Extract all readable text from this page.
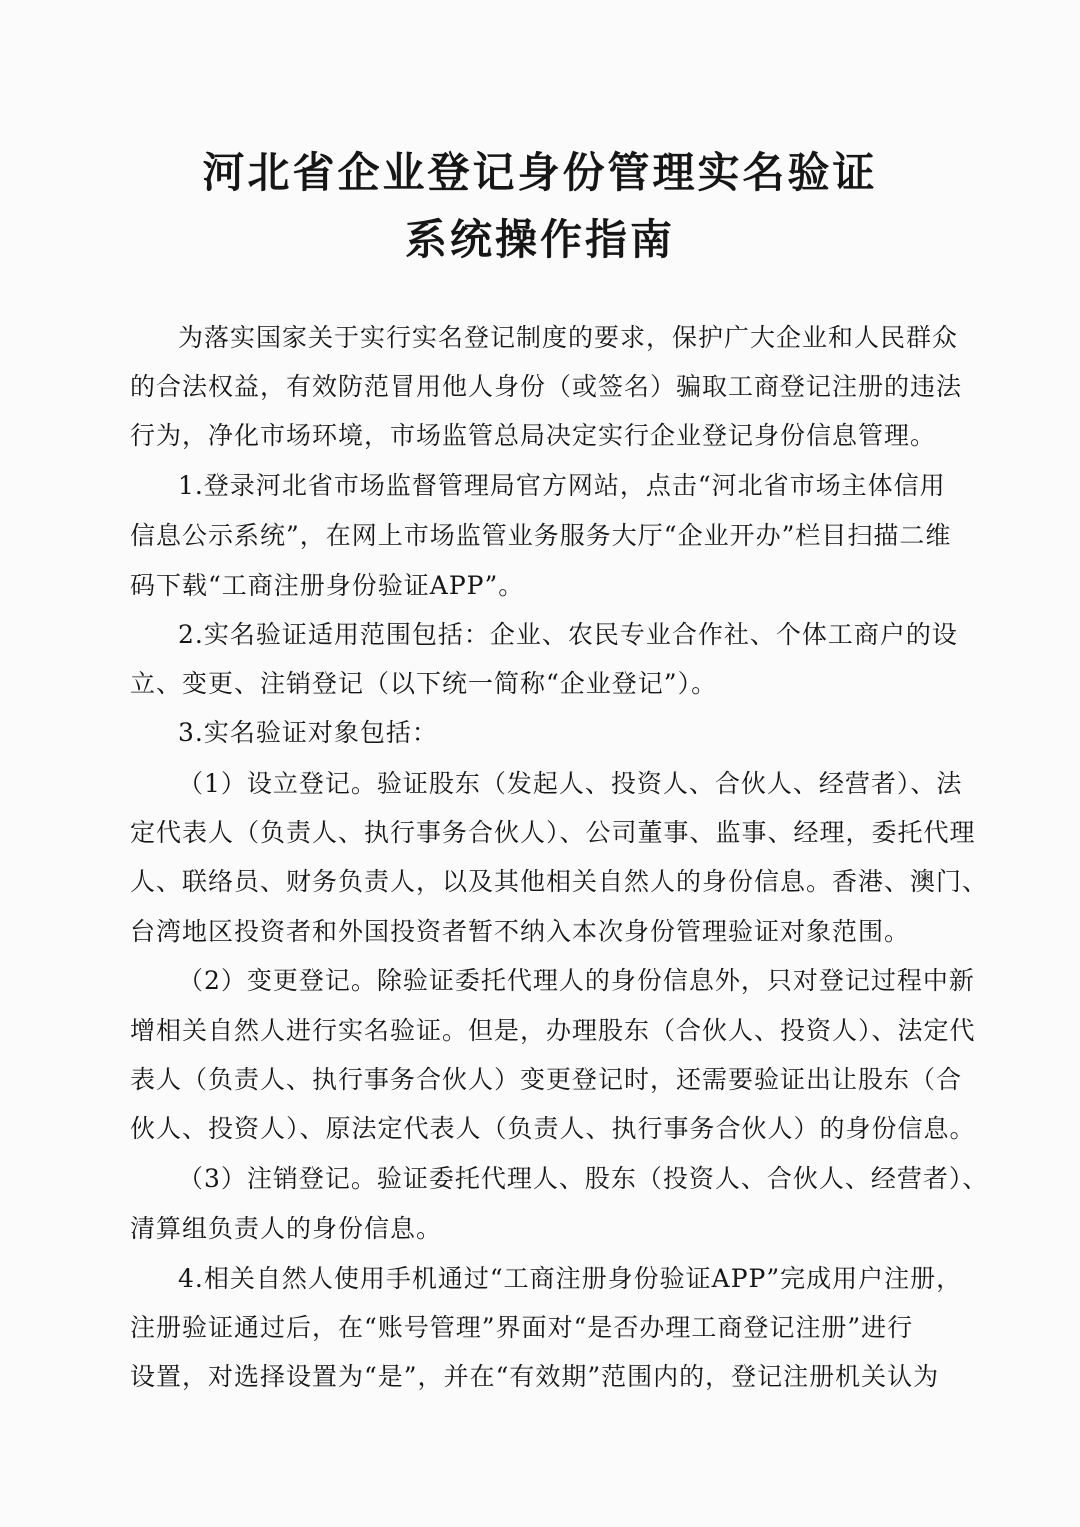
河北省企业登记身份管理实名验证
系统操作指南
为落实国家关于实行实名登记制度的要求，保护广大企业和人民群众
的合法权益，有效防范冒用他人身份（或签名）骗取工商登记注册的违法
行为，净化市场环境，市场监管总局决定实行企业登记身份信息管理。
1.登录河北省市场监督管理局官方网站，点击“河北省市场主体信用
信息公示系统”，在网上市场监管业务服务大厅“企业开办”栏目扫描二维
码下载“工商注册身份验证APP”。
2.实名验证适用范围包括：企业、农民专业合作社、个体工商户的设
立、变更、注销登记（以下统一简称“企业登记”）。
3.实名验证对象包括：
（1）设立登记。验证股东（发起人、投资人、合伙人、经营者）、法
定代表人（负责人、执行事务合伙人）、公司董事、监事、经理，委托代理
人、联络员、财务负责人，以及其他相关自然人的身份信息。香港、澳门、
台湾地区投资者和外国投资者暂不纳入本次身份管理验证对象范围。
（2）变更登记。除验证委托代理人的身份信息外，只对登记过程中新
增相关自然人进行实名验证。但是，办理股东（合伙人、投资人）、法定代
表人（负责人、执行事务合伙人）变更登记时，还需要验证出让股东（合
伙人、投资人）、原法定代表人（负责人、执行事务合伙人）的身份信息。
（3）注销登记。验证委托代理人、股东（投资人、合伙人、经营者）、
清算组负责人的身份信息。
4.相关自然人使用手机通过“工商注册身份验证APP”完成用户注册，
注册验证通过后，在“账号管理”界面对“是否办理工商登记注册”进行
设置，对选择设置为“是”，并在“有效期”范围内的，登记注册机关认为
